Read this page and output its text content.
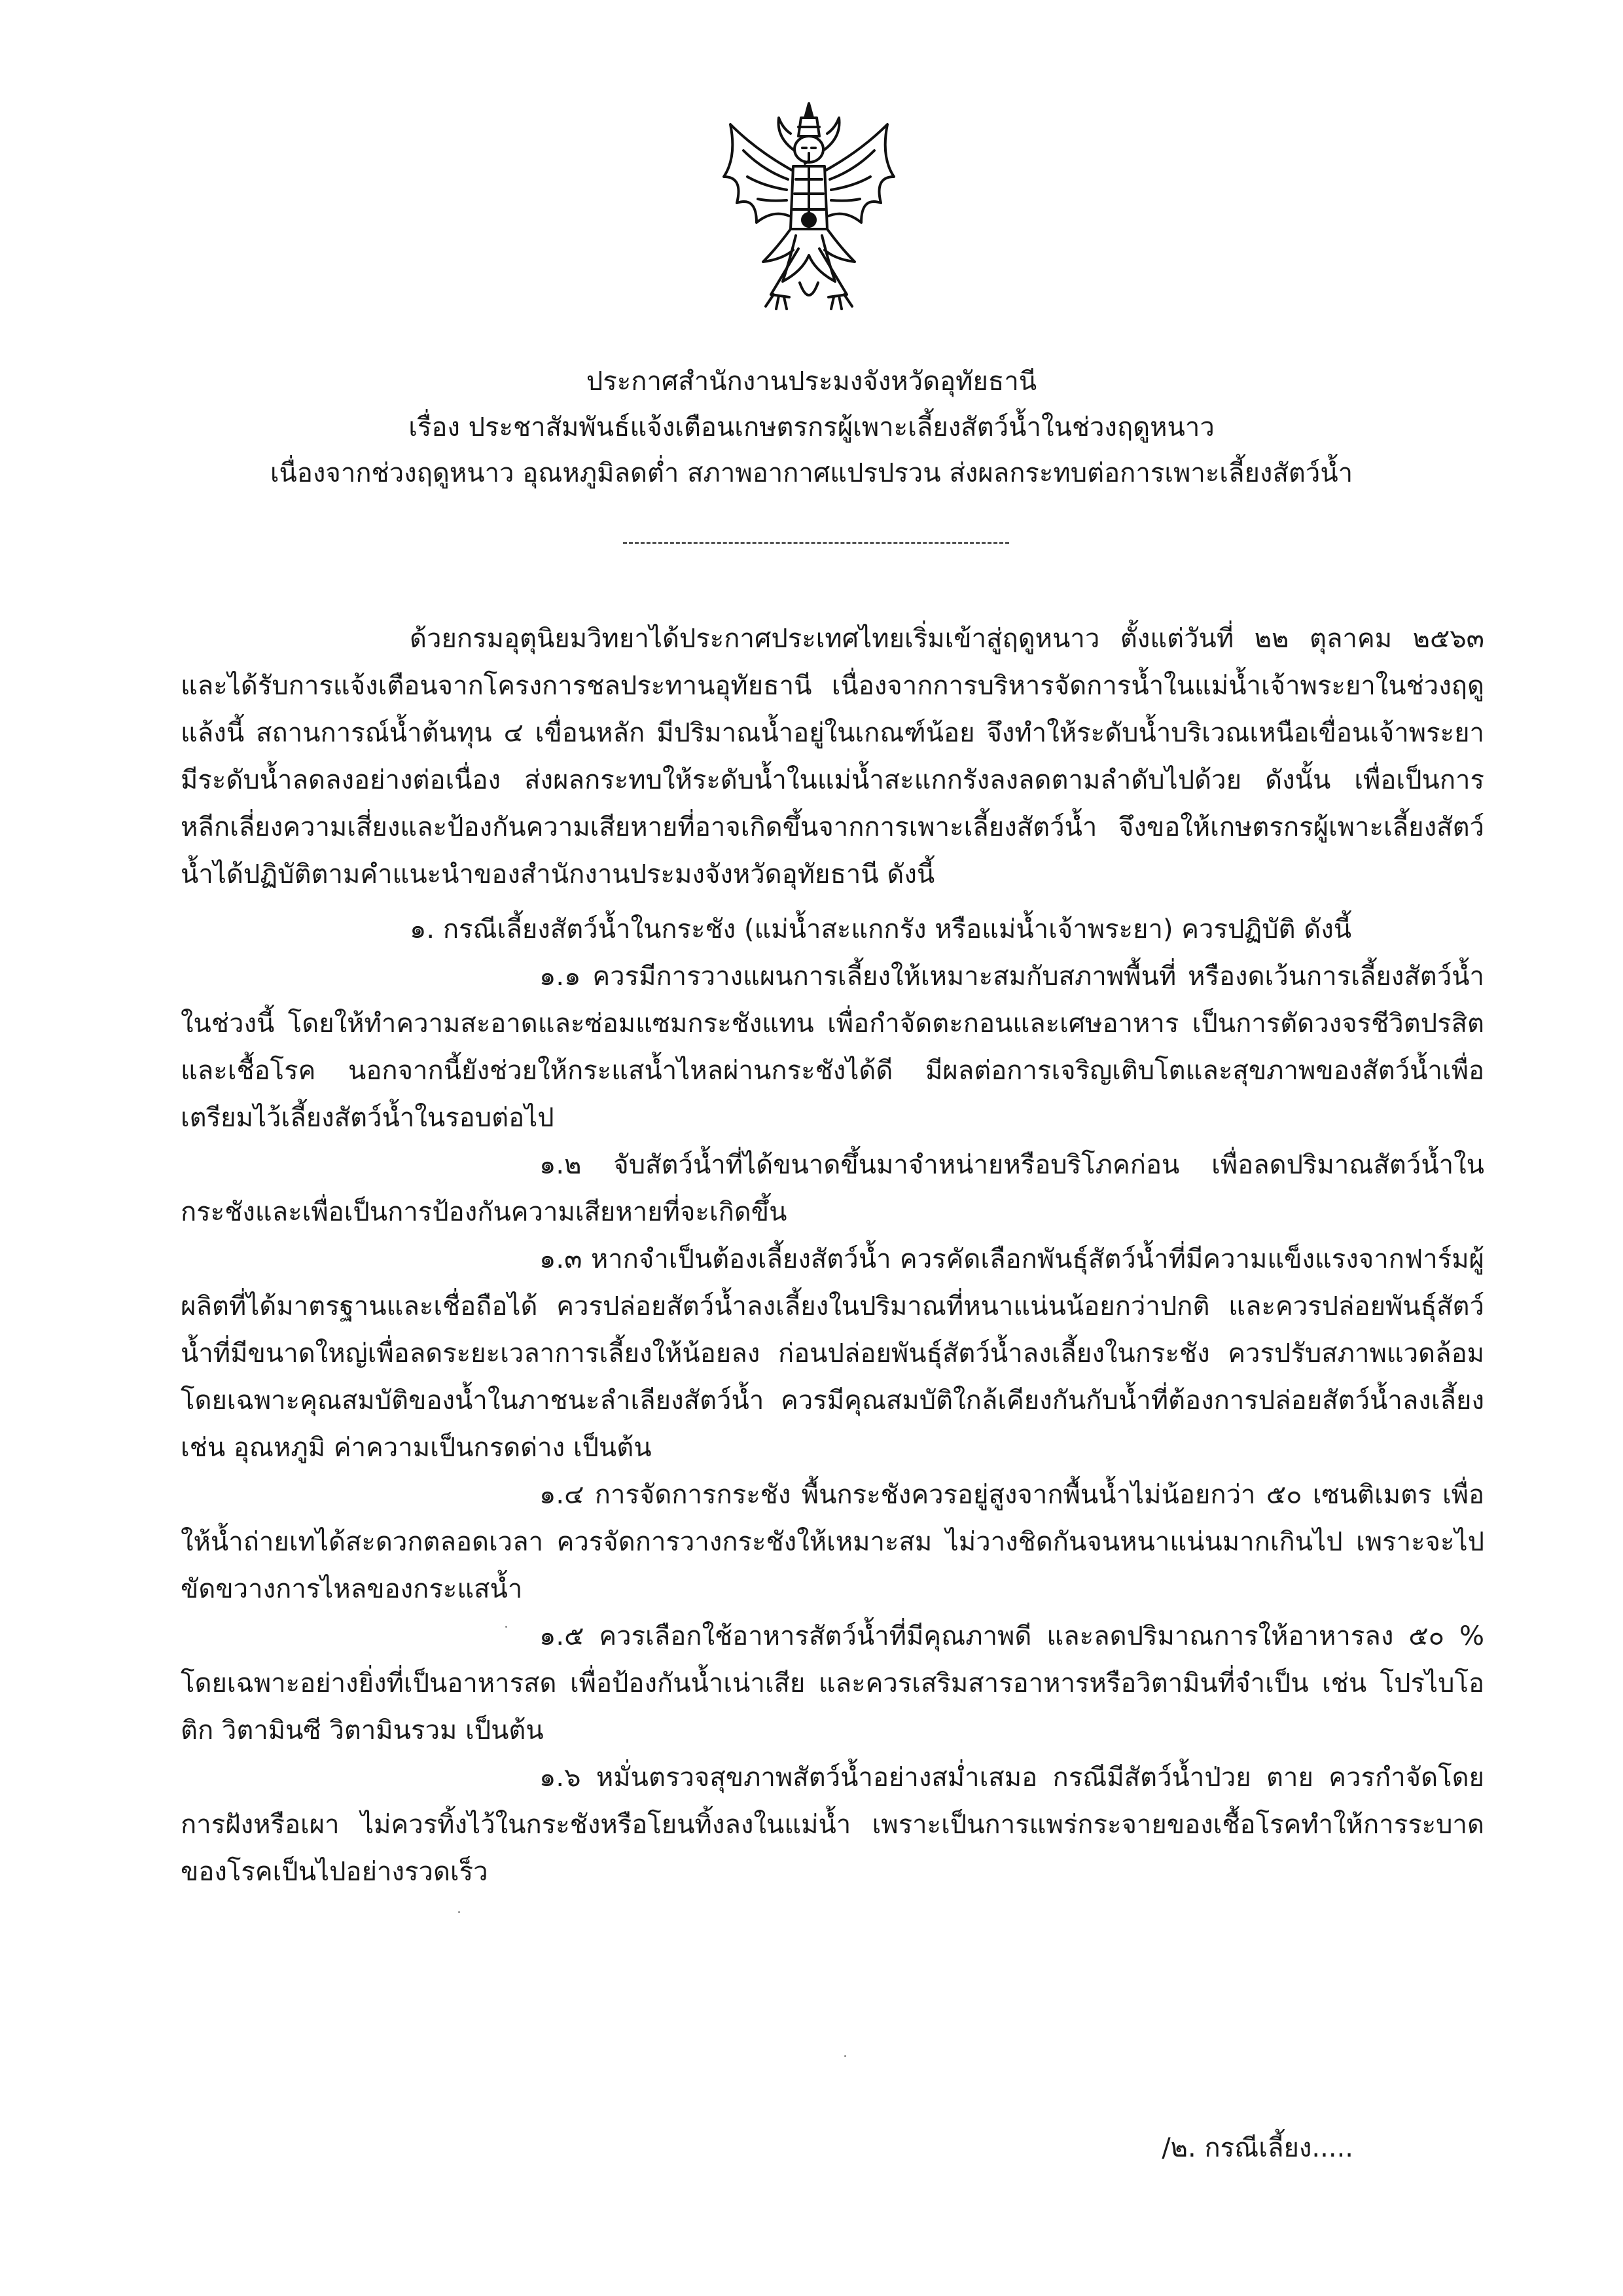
ประกาศสำนักงานประมงจังหวัดอุทัยธานี
เรื่อง ประชาสัมพันธ์แจ้งเตือนเกษตรกรผู้เพาะเลี้ยงสัตว์น้ำในช่วงฤดูหนาว
เนื่องจากช่วงฤดูหนาว อุณหภูมิลดต่ำ สภาพอากาศแปรปรวน ส่งผลกระทบต่อการเพาะเลี้ยงสัตว์น้ำ

ด้วยกรมอุตุนิยมวิทยาได้ประกาศประเทศไทยเริ่มเข้าสู่ฤดูหนาว ตั้งแต่วันที่ ๒๒ ตุลาคม ๒๕๖๓ และได้รับการแจ้งเตือนจากโครงการชลประทานอุทัยธานี เนื่องจากการบริหารจัดการน้ำในแม่น้ำเจ้าพระยาในช่วงฤดูแล้งนี้ สถานการณ์น้ำต้นทุน ๔ เขื่อนหลัก มีปริมาณน้ำอยู่ในเกณฑ์น้อย จึงทำให้ระดับน้ำบริเวณเหนือเขื่อนเจ้าพระยามีระดับน้ำลดลงอย่างต่อเนื่อง ส่งผลกระทบให้ระดับน้ำในแม่น้ำสะแกกรังลงลดตามลำดับไปด้วย ดังนั้น เพื่อเป็นการหลีกเลี่ยงความเสี่ยงและป้องกันความเสียหายที่อาจเกิดขึ้นจากการเพาะเลี้ยงสัตว์น้ำ จึงขอให้เกษตรกรผู้เพาะเลี้ยงสัตว์น้ำได้ปฏิบัติตามคำแนะนำของสำนักงานประมงจังหวัดอุทัยธานี ดังนี้

๑. กรณีเลี้ยงสัตว์น้ำในกระชัง (แม่น้ำสะแกกรัง หรือแม่น้ำเจ้าพระยา) ควรปฏิบัติ ดังนี้

๑.๑ ควรมีการวางแผนการเลี้ยงให้เหมาะสมกับสภาพพื้นที่ หรืองดเว้นการเลี้ยงสัตว์น้ำในช่วงนี้ โดยให้ทำความสะอาดและซ่อมแซมกระชังแทน เพื่อกำจัดตะกอนและเศษอาหาร เป็นการตัดวงจรชีวิตปรสิตและเชื้อโรค นอกจากนี้ยังช่วยให้กระแสน้ำไหลผ่านกระชังได้ดี มีผลต่อการเจริญเติบโตและสุขภาพของสัตว์น้ำเพื่อเตรียมไว้เลี้ยงสัตว์น้ำในรอบต่อไป

๑.๒ จับสัตว์น้ำที่ได้ขนาดขึ้นมาจำหน่ายหรือบริโภคก่อน เพื่อลดปริมาณสัตว์น้ำในกระชังและเพื่อเป็นการป้องกันความเสียหายที่จะเกิดขึ้น

๑.๓ หากจำเป็นต้องเลี้ยงสัตว์น้ำ ควรคัดเลือกพันธุ์สัตว์น้ำที่มีความแข็งแรงจากฟาร์มผู้ผลิตที่ได้มาตรฐานและเชื่อถือได้ ควรปล่อยสัตว์น้ำลงเลี้ยงในปริมาณที่หนาแน่นน้อยกว่าปกติ และควรปล่อยพันธุ์สัตว์น้ำที่มีขนาดใหญ่เพื่อลดระยะเวลาการเลี้ยงให้น้อยลง ก่อนปล่อยพันธุ์สัตว์น้ำลงเลี้ยงในกระชัง ควรปรับสภาพแวดล้อมโดยเฉพาะคุณสมบัติของน้ำในภาชนะลำเลียงสัตว์น้ำ ควรมีคุณสมบัติใกล้เคียงกันกับน้ำที่ต้องการปล่อยสัตว์น้ำลงเลี้ยง เช่น อุณหภูมิ ค่าความเป็นกรดด่าง เป็นต้น

๑.๔ การจัดการกระชัง พื้นกระชังควรอยู่สูงจากพื้นน้ำไม่น้อยกว่า ๕๐ เซนติเมตร เพื่อให้น้ำถ่ายเทได้สะดวกตลอดเวลา ควรจัดการวางกระชังให้เหมาะสม ไม่วางชิดกันจนหนาแน่นมากเกินไป เพราะจะไปขัดขวางการไหลของกระแสน้ำ

๑.๕ ควรเลือกใช้อาหารสัตว์น้ำที่มีคุณภาพดี และลดปริมาณการให้อาหารลง ๕๐ % โดยเฉพาะอย่างยิ่งที่เป็นอาหารสด เพื่อป้องกันน้ำเน่าเสีย และควรเสริมสารอาหารหรือวิตามินที่จำเป็น เช่น โปรไบโอติก วิตามินซี วิตามินรวม เป็นต้น

๑.๖ หมั่นตรวจสุขภาพสัตว์น้ำอย่างสม่ำเสมอ กรณีมีสัตว์น้ำป่วย ตาย ควรกำจัดโดยการฝังหรือเผา ไม่ควรทิ้งไว้ในกระชังหรือโยนทิ้งลงในแม่น้ำ เพราะเป็นการแพร่กระจายของเชื้อโรคทำให้การระบาดของโรคเป็นไปอย่างรวดเร็ว

/๒. กรณีเลี้ยง.....
